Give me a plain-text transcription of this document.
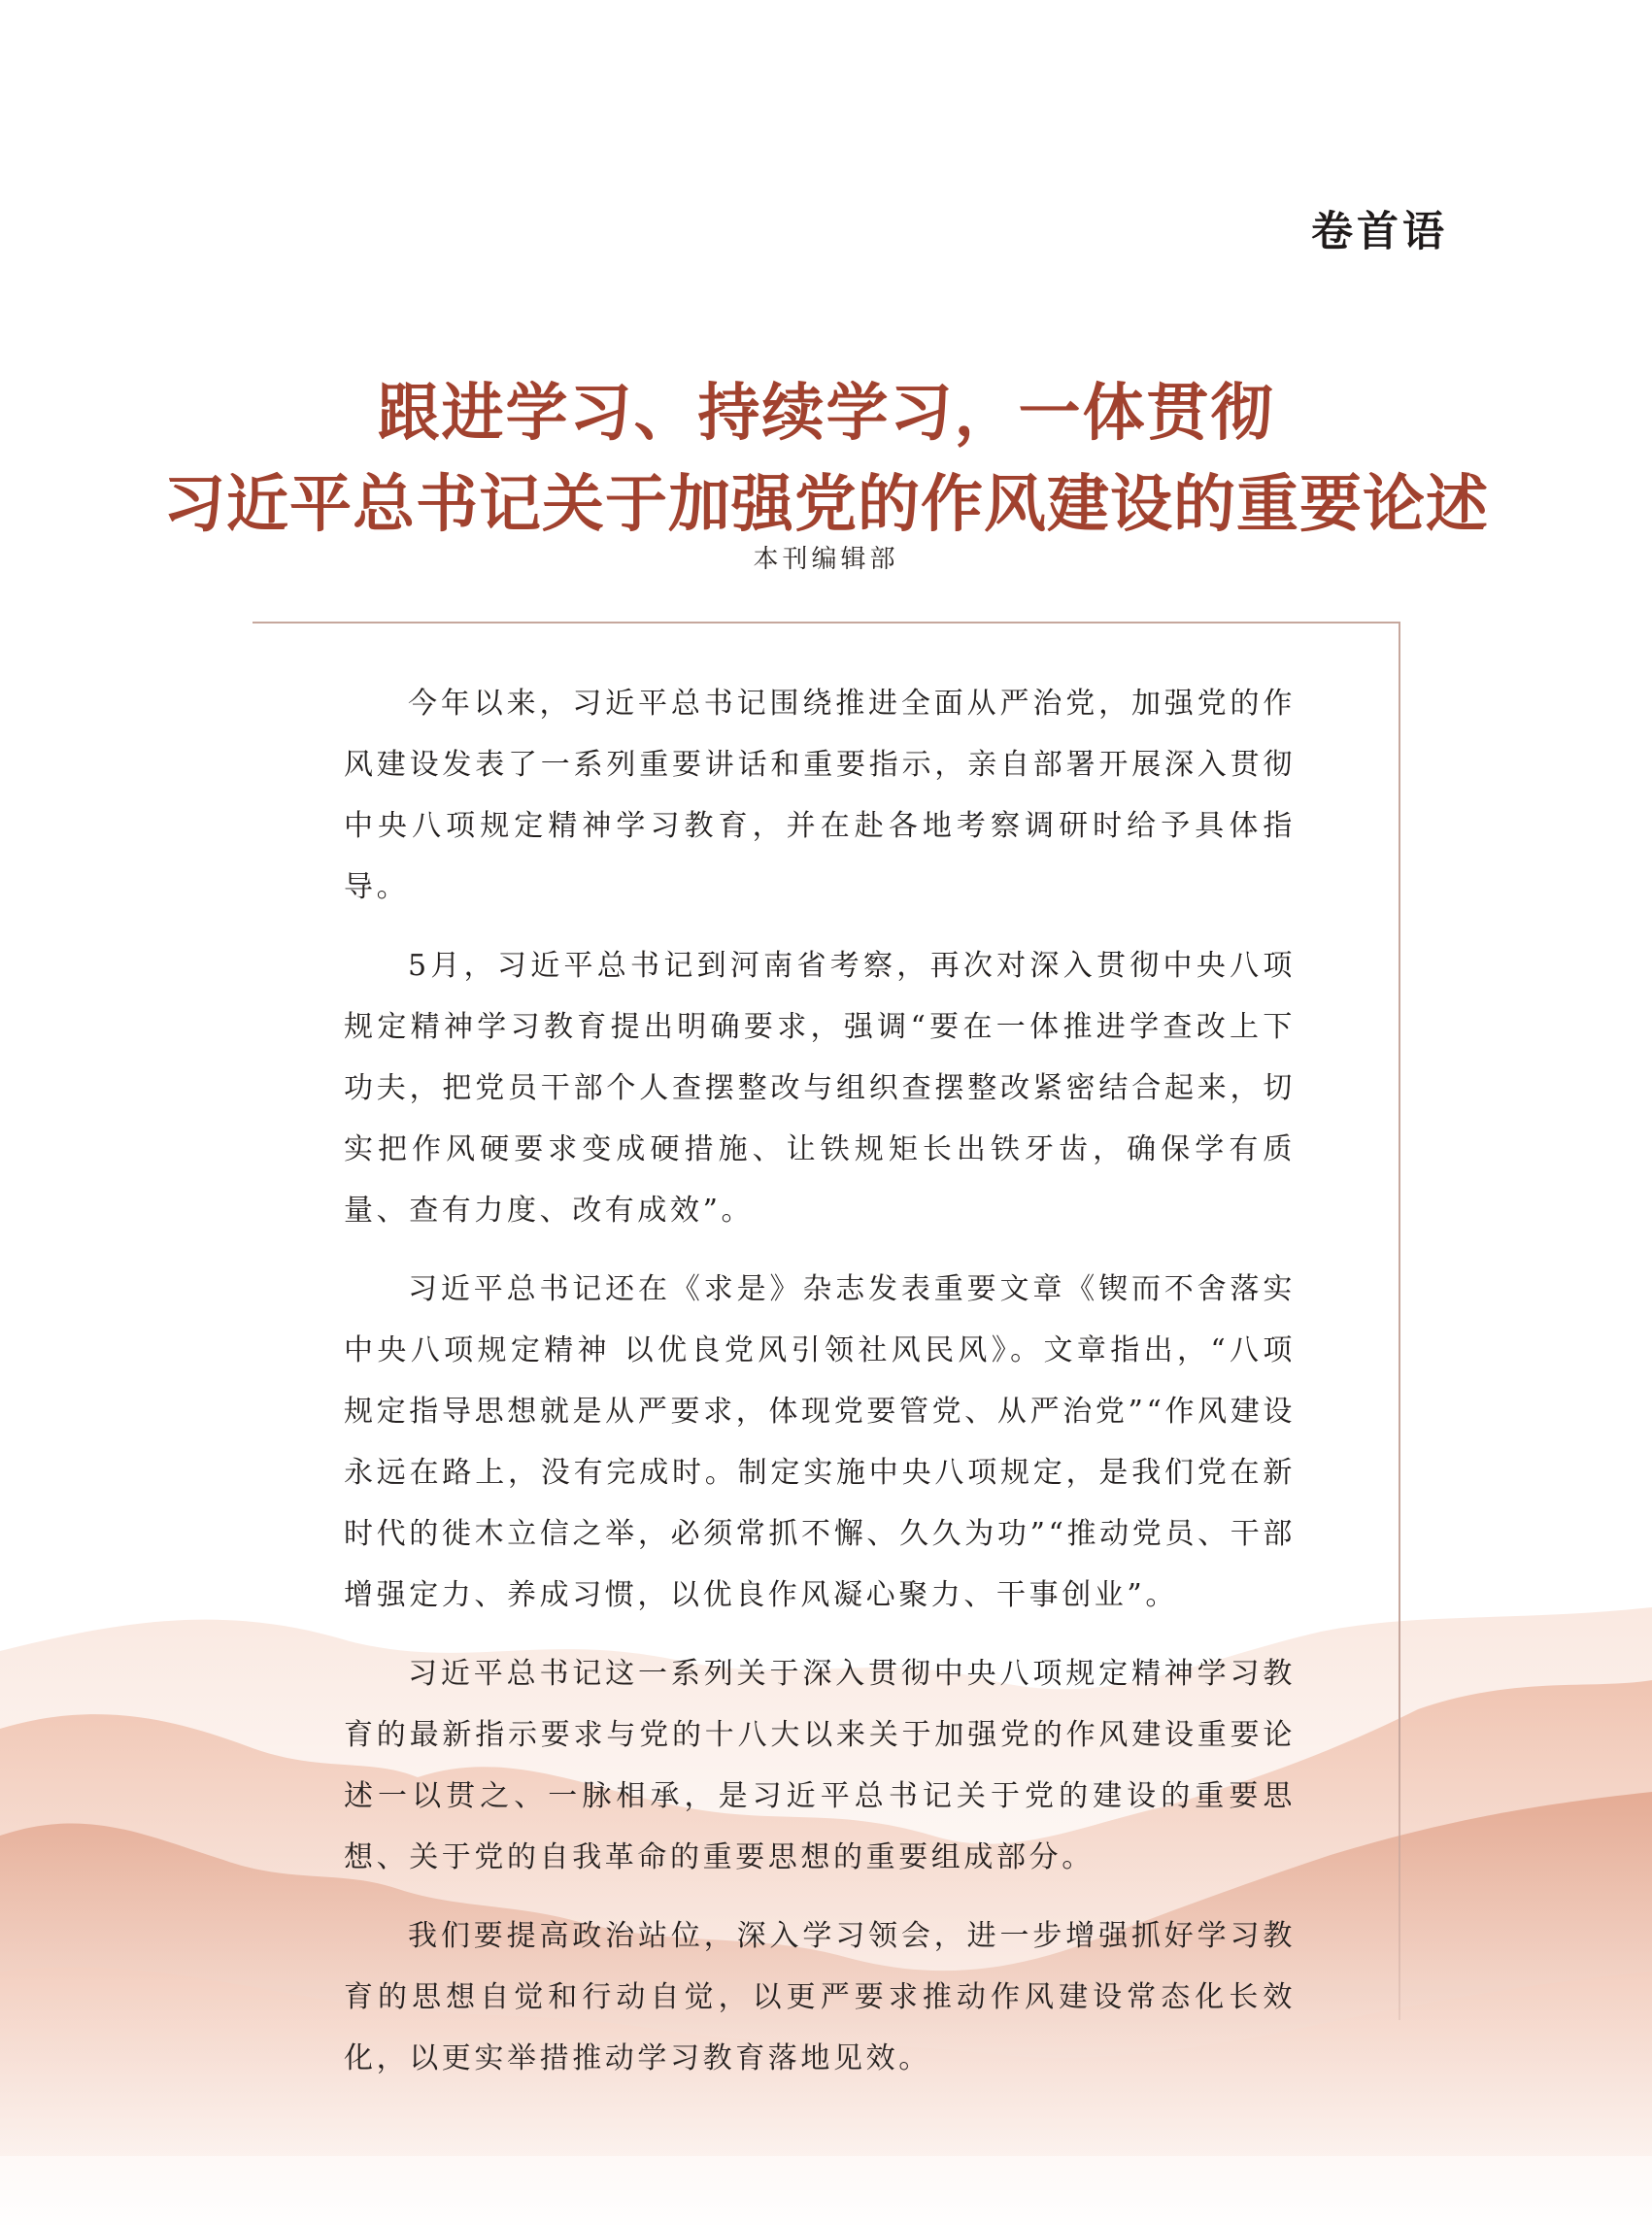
卷首语
跟进学习、持续学习，一体贯彻
习近平总书记关于加强党的作风建设的重要论述
本刊编辑部

今年以来，习近平总书记围绕推进全面从严治党，加强党的作风建设发表了一系列重要讲话和重要指示，亲自部署开展深入贯彻中央八项规定精神学习教育，并在赴各地考察调研时给予具体指导。

5月，习近平总书记到河南省考察，再次对深入贯彻中央八项规定精神学习教育提出明确要求，强调“要在一体推进学查改上下功夫，把党员干部个人查摆整改与组织查摆整改紧密结合起来，切实把作风硬要求变成硬措施、让铁规矩长出铁牙齿，确保学有质量、查有力度、改有成效”。

习近平总书记还在《求是》杂志发表重要文章《锲而不舍落实中央八项规定精神 以优良党风引领社风民风》。文章指出，“八项规定指导思想就是从严要求，体现党要管党、从严治党”“作风建设永远在路上，没有完成时。制定实施中央八项规定，是我们党在新时代的徙木立信之举，必须常抓不懈、久久为功”“推动党员、干部增强定力、养成习惯，以优良作风凝心聚力、干事创业”。

习近平总书记这一系列关于深入贯彻中央八项规定精神学习教育的最新指示要求与党的十八大以来关于加强党的作风建设重要论述一以贯之、一脉相承，是习近平总书记关于党的建设的重要思想、关于党的自我革命的重要思想的重要组成部分。

我们要提高政治站位，深入学习领会，进一步增强抓好学习教育的思想自觉和行动自觉，以更严要求推动作风建设常态化长效化，以更实举措推动学习教育落地见效。
